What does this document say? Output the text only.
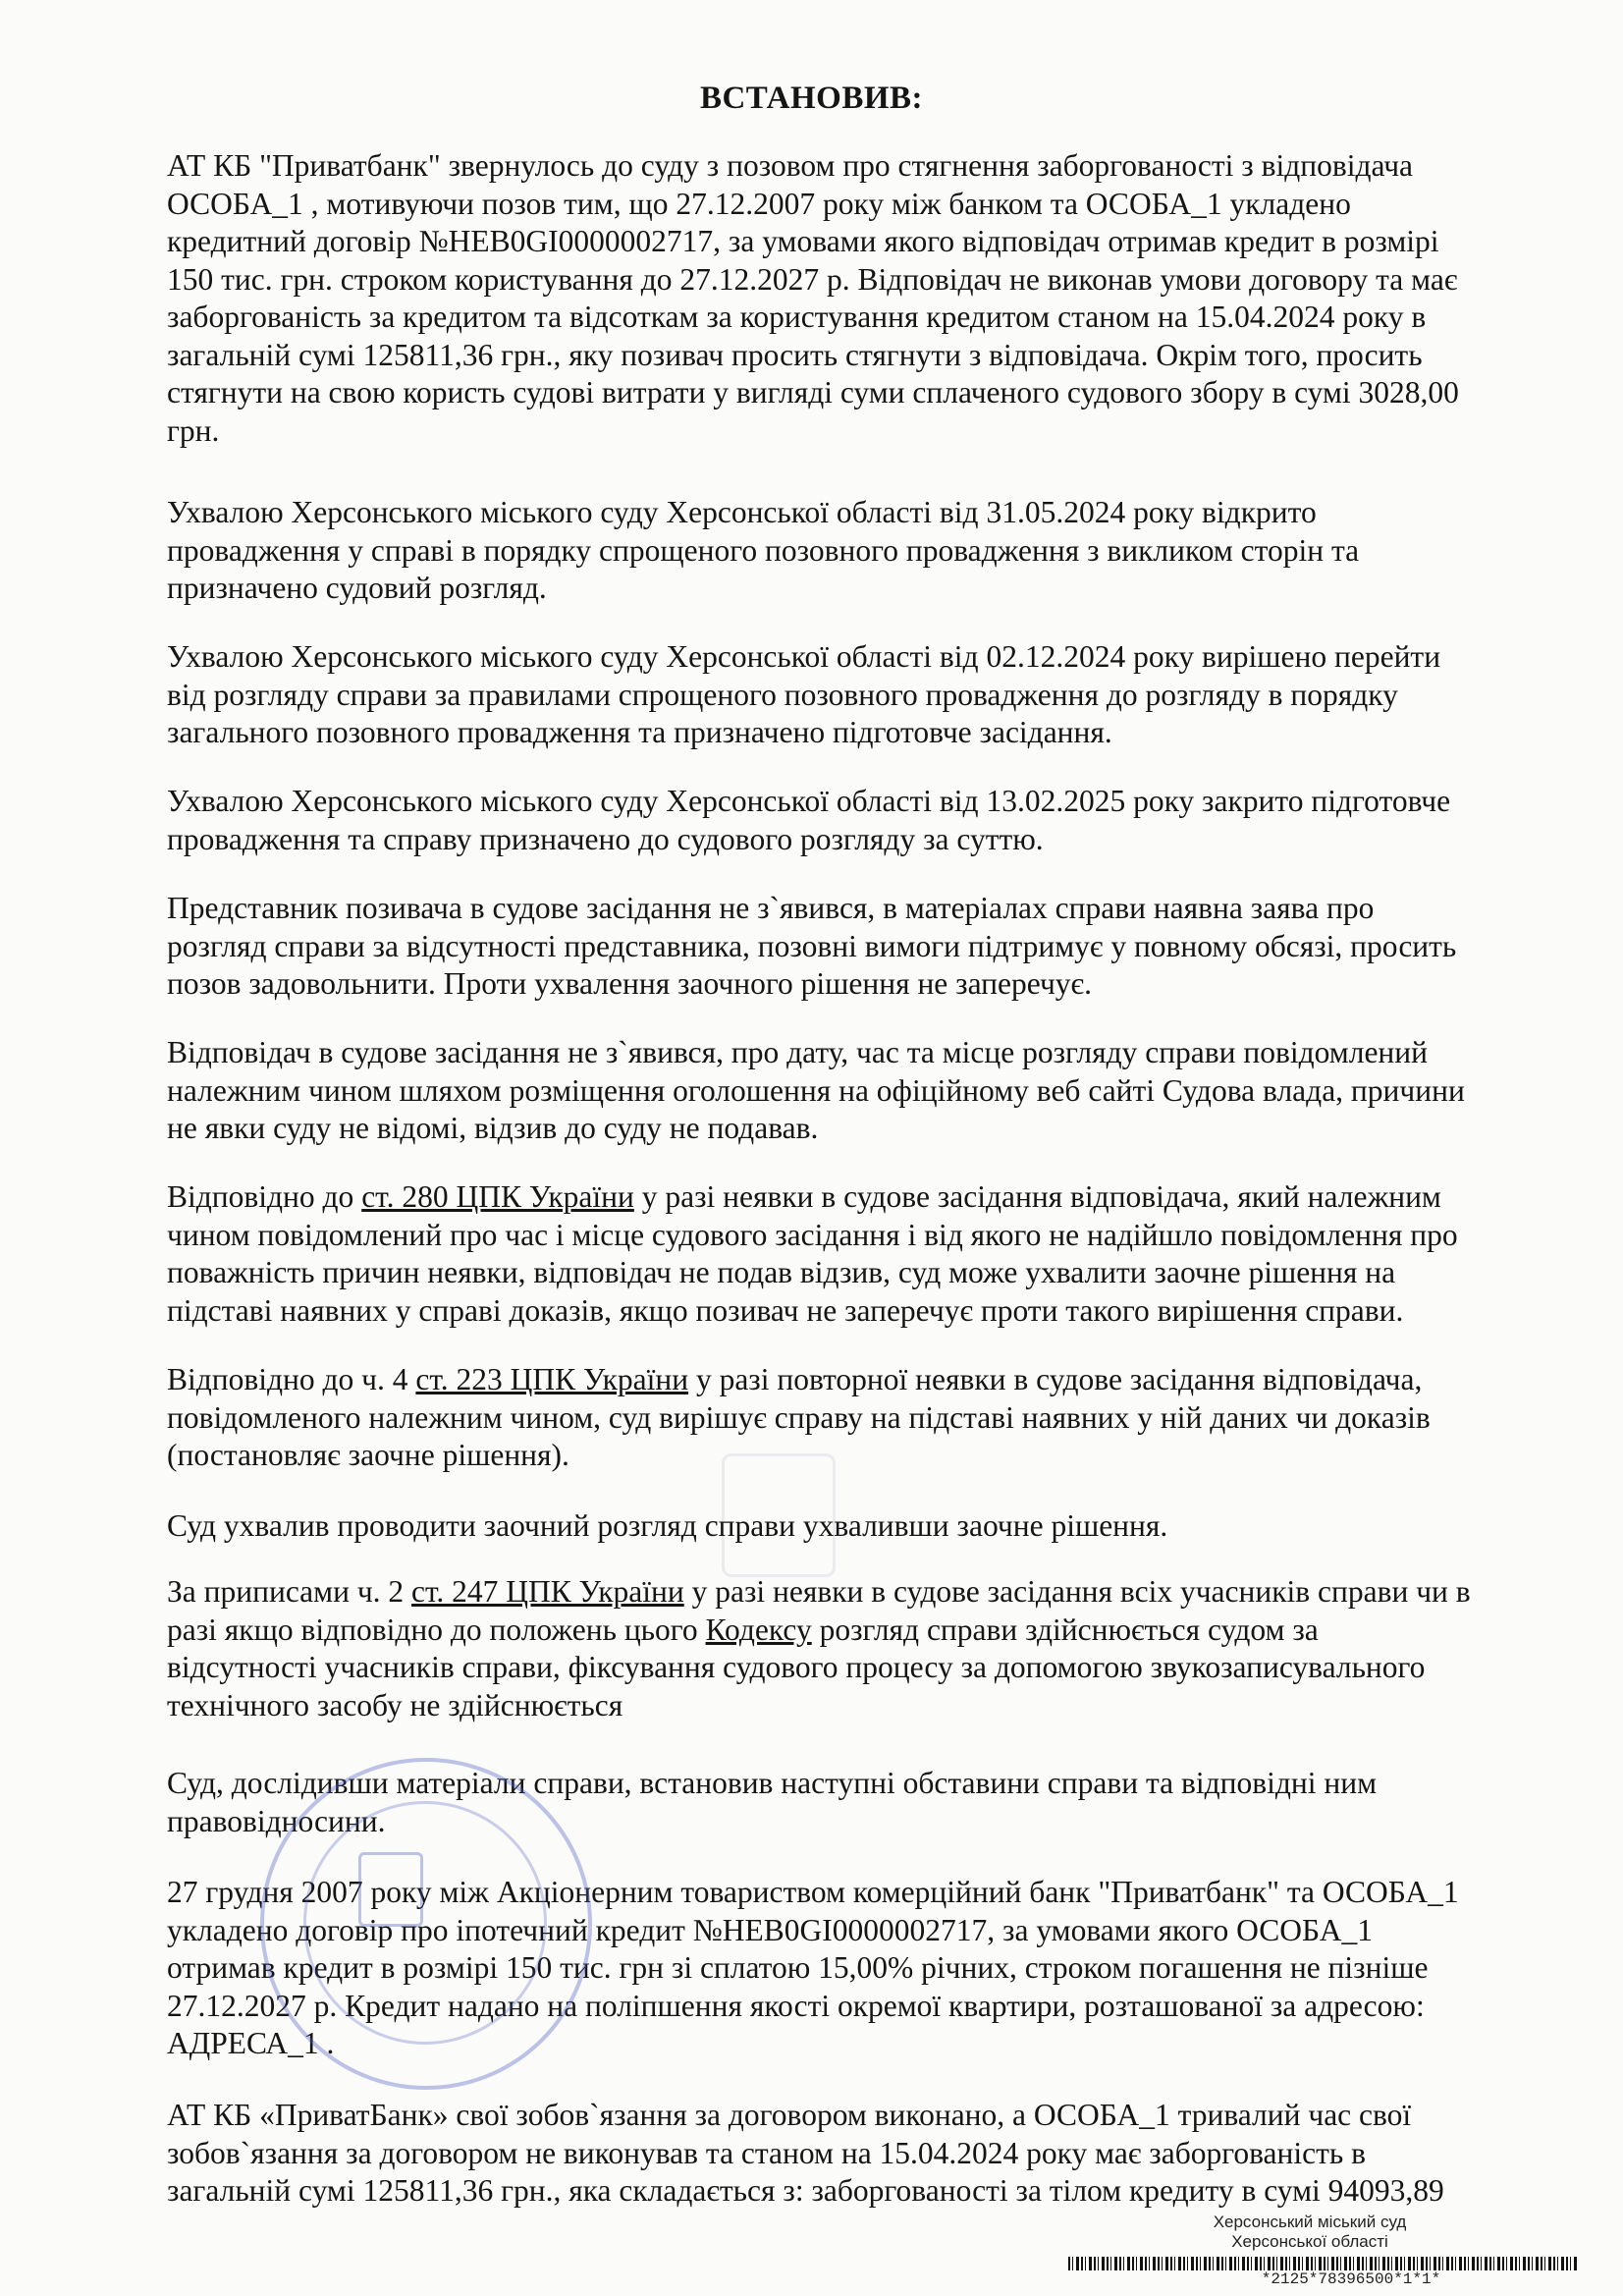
ВСТАНОВИВ:
АТ КБ "Приватбанк" звернулось до суду з позовом про стягнення заборгованості з відповідача
ОСОБА_1 , мотивуючи позов тим, що 27.12.2007 року між банком та ОСОБА_1 укладено
кредитний договір №НЕВ0GI0000002717, за умовами якого відповідач отримав кредит в розмірі
150 тис. грн. строком користування до 27.12.2027 р. Відповідач не виконав умови договору та має
заборгованість за кредитом та відсоткам за користування кредитом станом на 15.04.2024 року в
загальній сумі 125811,36 грн., яку позивач просить стягнути з відповідача. Окрім того, просить
стягнути на свою користь судові витрати у вигляді суми сплаченого судового збору в сумі 3028,00
грн.
Ухвалою Херсонського міського суду Херсонської області від 31.05.2024 року відкрито
провадження у справі в порядку спрощеного позовного провадження з викликом сторін та
призначено судовий розгляд.
Ухвалою Херсонського міського суду Херсонської області від 02.12.2024 року вирішено перейти
від розгляду справи за правилами спрощеного позовного провадження до розгляду в порядку
загального позовного провадження та призначено підготовче засідання.
Ухвалою Херсонського міського суду Херсонської області від 13.02.2025 року закрито підготовче
провадження та справу призначено до судового розгляду за суттю.
Представник позивача в судове засідання не з`явився, в матеріалах справи наявна заява про
розгляд справи за відсутності представника, позовні вимоги підтримує у повному обсязі, просить
позов задовольнити. Проти ухвалення заочного рішення не заперечує.
Відповідач в судове засідання не з`явився, про дату, час та місце розгляду справи повідомлений
належним чином шляхом розміщення оголошення на офіційному веб сайті Судова влада, причини
не явки суду не відомі, відзив до суду не подавав.
Відповідно до ст. 280 ЦПК України у разі неявки в судове засідання відповідача, який належним
чином повідомлений про час і місце судового засідання і від якого не надійшло повідомлення про
поважність причин неявки, відповідач не подав відзив, суд може ухвалити заочне рішення на
підставі наявних у справі доказів, якщо позивач не заперечує проти такого вирішення справи.
Відповідно до ч. 4 ст. 223 ЦПК України у разі повторної неявки в судове засідання відповідача,
повідомленого належним чином, суд вирішує справу на підставі наявних у ній даних чи доказів
(постановляє заочне рішення).
Суд ухвалив проводити заочний розгляд справи ухваливши заочне рішення.
За приписами ч. 2 ст. 247 ЦПК України у разі неявки в судове засідання всіх учасників справи чи в
разі якщо відповідно до положень цього Кодексу розгляд справи здійснюється судом за
відсутності учасників справи, фіксування судового процесу за допомогою звукозаписувального
технічного засобу не здійснюється
Суд, дослідивши матеріали справи, встановив наступні обставини справи та відповідні ним
правовідносини.
27 грудня 2007 року між Акціонерним товариством комерційний банк "Приватбанк" та ОСОБА_1
укладено договір про іпотечний кредит №НЕВ0GI0000002717, за умовами якого ОСОБА_1
отримав кредит в розмірі 150 тис. грн зі сплатою 15,00% річних, строком погашення не пізніше
27.12.2027 р. Кредит надано на поліпшення якості окремої квартири, розташованої за адресою:
АДРЕСА_1 .
АТ КБ «ПриватБанк» свої зобов`язання за договором виконано, а ОСОБА_1 тривалий час свої
зобов`язання за договором не виконував та станом на 15.04.2024 року має заборгованість в
загальній сумі 125811,36 грн., яка складається з: заборгованості за тілом кредиту в сумі 94093,89
Херсонський міський суд
Херсонської області
*2125*78396500*1*1*
